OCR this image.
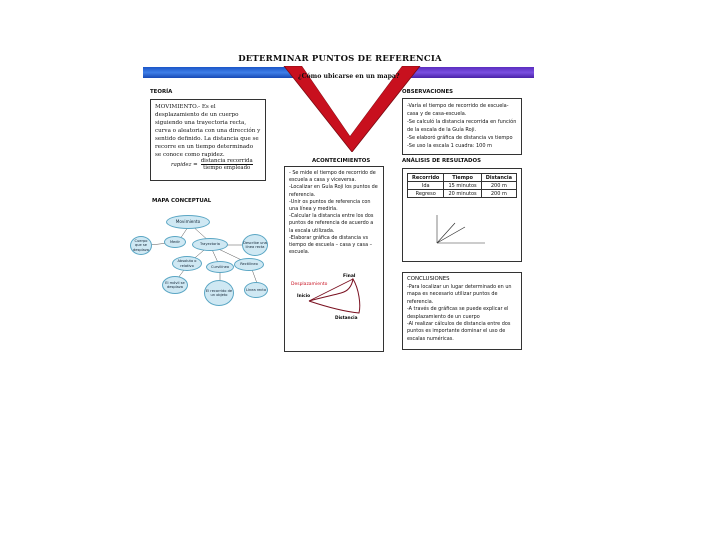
DETERMINAR PUNTOS DE REFERENCIA
¿Cómo ubicarse en un mapa?
TEORÍA
MOVIMIENTO.- Es el desplazamiento de un cuerpo siguiendo una trayectoria recta, curva o aleatoria con una dirección y sentido definido. La distancia que se recorre en un tiempo determinado se conoce como rapidez.
rapidez =
distancia recorrida
tiempo empleado
MAPA CONCEPTUAL
Movimiento
Trayectoria
Medir
Cuerpo que se desplaza
Absoluto o relativo	Curvilíneo
Rectilíneo
Describe una línea recta
El móvil se desplaza
El recorrido de un objeto
Línea recta
ACONTECIMIENTOS
- Se mide el tiempo de recorrido de escuela a casa y viceversa.
-Localizar en Guía Roji los puntos de referencia.
-Unir os puntos de referencia con una línea y medirla.
-Calcular la distancia entre los dos puntos de referencia de acuerdo a la escala utilizada.
-Elaborar gráfica de distancia vs tiempo de escuela – casa y casa – escuela.
Final
Desplazamiento
Inicio
Distancia
OBSERVACIONES
-Varía el tiempo de recorrido de escuela-casa y de casa-escuela.
-Se calculó la distancia recorrida en función de la escala de la Guía Roji.
-Se elaboró gráfica de distancia vs tiempo
-Se uso la escala 1 cuadra: 100 m
ANÁLISIS DE RESULTADOS
Recorrido	Tiempo	Distancia
Ida	15 minutos	200 m
Regreso	20 minutos	200 m
CONCLUSIONES
-Para localizar un lugar determinado en un mapa es necesario utilizar puntos de referencia.
-A través de gráficas se puede explicar el desplazamiento de un cuerpo
-Al realizar cálculos de distancia entre dos puntos es importante dominar el uso de escalas numéricas.
